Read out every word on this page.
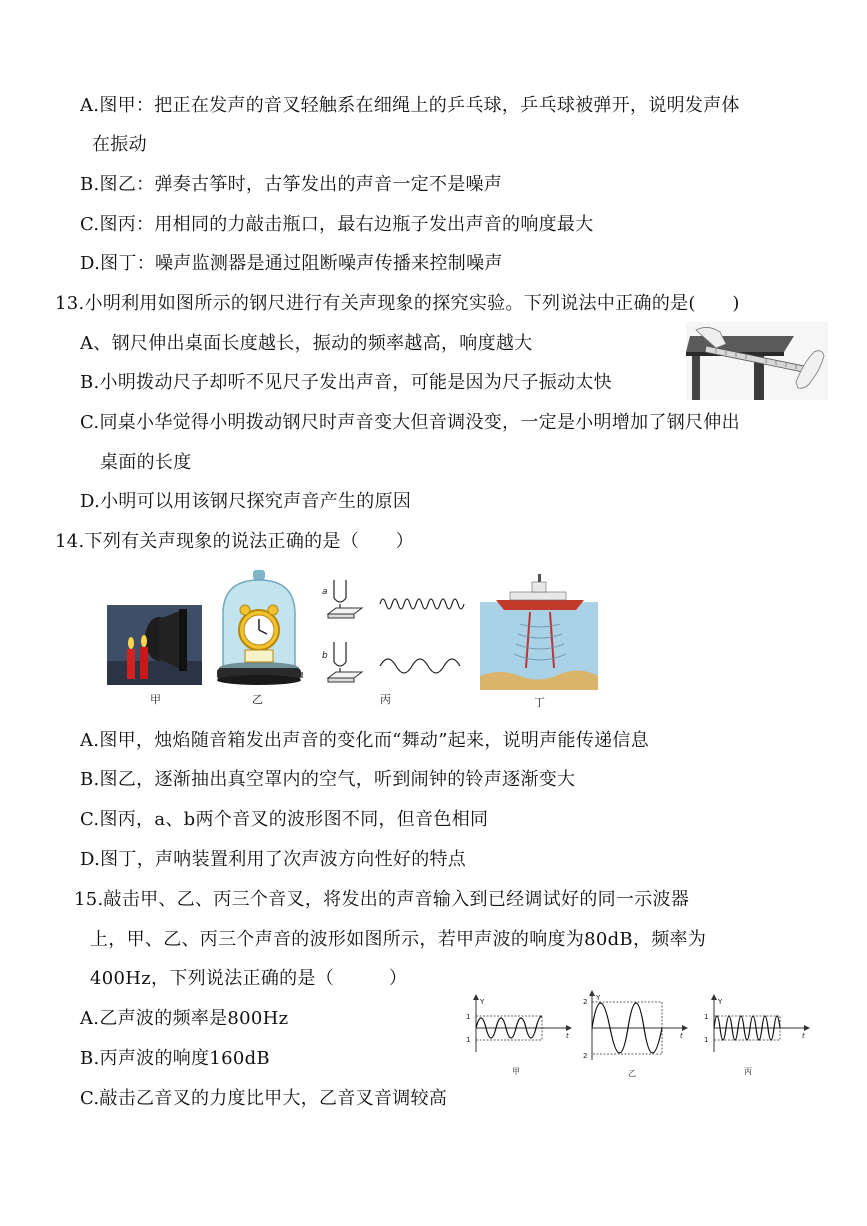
A.图甲：把正在发声的音叉轻触系在细绳上的乒乓球，乒乓球被弹开，说明发声体
在振动
B.图乙：弹奏古筝时，古筝发出的声音一定不是噪声
C.图丙：用相同的力敲击瓶口，最右边瓶子发出声音的响度最大
D.图丁：噪声监测器是通过阻断噪声传播来控制噪声
13.小明利用如图所示的钢尺进行有关声现象的探究实验。下列说法中正确的是(　　)
A、钢尺伸出桌面长度越长，振动的频率越高，响度越大
B.小明拨动尺子却听不见尺子发出声音，可能是因为尺子振动太快
C.同桌小华觉得小明拨动钢尺时声音变大但音调没变，一定是小明增加了钢尺伸出
桌面的长度
D.小明可以用该钢尺探究声音产生的原因
14.下列有关声现象的说法正确的是（　　）
甲	乙
a
b
丙	丁
A.图甲，烛焰随音箱发出声音的变化而“舞动”起来，说明声能传递信息
B.图乙，逐渐抽出真空罩内的空气，听到闹钟的铃声逐渐变大
C.图丙，a、b两个音叉的波形图不同，但音色相同
D.图丁，声呐装置利用了次声波方向性好的特点
15.敲击甲、乙、丙三个音叉，将发出的声音输入到已经调试好的同一示波器
上，甲、乙、丙三个声音的波形如图所示，若甲声波的响度为80dB，频率为
400Hz，下列说法正确的是（　　　）
A.乙声波的频率是800Hz
B.丙声波的响度160dB
C.敲击乙音叉的力度比甲大，乙音叉音调较高
Y
t
1
1
甲
Y
t
2
2
乙
Y
t
1
1
丙
